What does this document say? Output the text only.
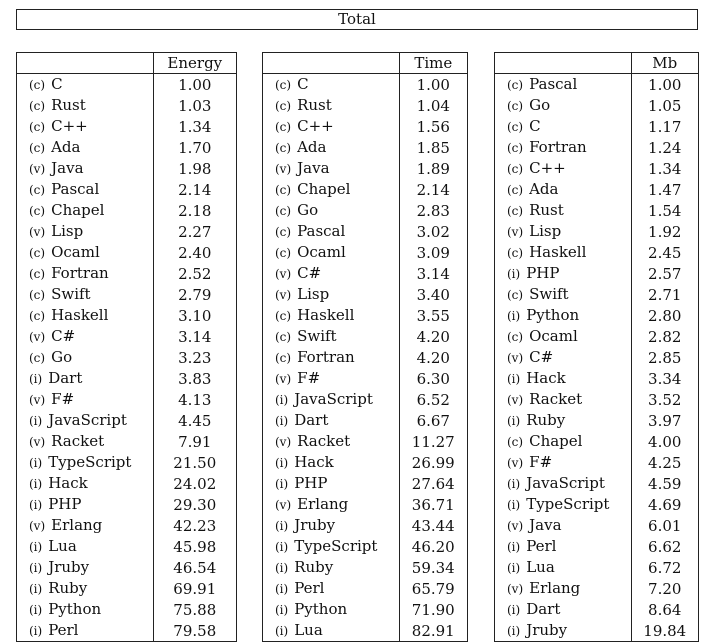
Total
	Energy
(c) C	1.00
(c) Rust	1.03
(c) C++	1.34
(c) Ada	1.70
(v) Java	1.98
(c) Pascal	2.14
(c) Chapel	2.18
(v) Lisp	2.27
(c) Ocaml	2.40
(c) Fortran	2.52
(c) Swift	2.79
(c) Haskell	3.10
(v) C#	3.14
(c) Go	3.23
(i) Dart	3.83
(v) F#	4.13
(i) JavaScript	4.45
(v) Racket	7.91
(i) TypeScript	21.50
(i) Hack	24.02
(i) PHP	29.30
(v) Erlang	42.23
(i) Lua	45.98
(i) Jruby	46.54
(i) Ruby	69.91
(i) Python	75.88
(i) Perl	79.58
	Time
(c) C	1.00
(c) Rust	1.04
(c) C++	1.56
(c) Ada	1.85
(v) Java	1.89
(c) Chapel	2.14
(c) Go	2.83
(c) Pascal	3.02
(c) Ocaml	3.09
(v) C#	3.14
(v) Lisp	3.40
(c) Haskell	3.55
(c) Swift	4.20
(c) Fortran	4.20
(v) F#	6.30
(i) JavaScript	6.52
(i) Dart	6.67
(v) Racket	11.27
(i) Hack	26.99
(i) PHP	27.64
(v) Erlang	36.71
(i) Jruby	43.44
(i) TypeScript	46.20
(i) Ruby	59.34
(i) Perl	65.79
(i) Python	71.90
(i) Lua	82.91
	Mb
(c) Pascal	1.00
(c) Go	1.05
(c) C	1.17
(c) Fortran	1.24
(c) C++	1.34
(c) Ada	1.47
(c) Rust	1.54
(v) Lisp	1.92
(c) Haskell	2.45
(i) PHP	2.57
(c) Swift	2.71
(i) Python	2.80
(c) Ocaml	2.82
(v) C#	2.85
(i) Hack	3.34
(v) Racket	3.52
(i) Ruby	3.97
(c) Chapel	4.00
(v) F#	4.25
(i) JavaScript	4.59
(i) TypeScript	4.69
(v) Java	6.01
(i) Perl	6.62
(i) Lua	6.72
(v) Erlang	7.20
(i) Dart	8.64
(i) Jruby	19.84
